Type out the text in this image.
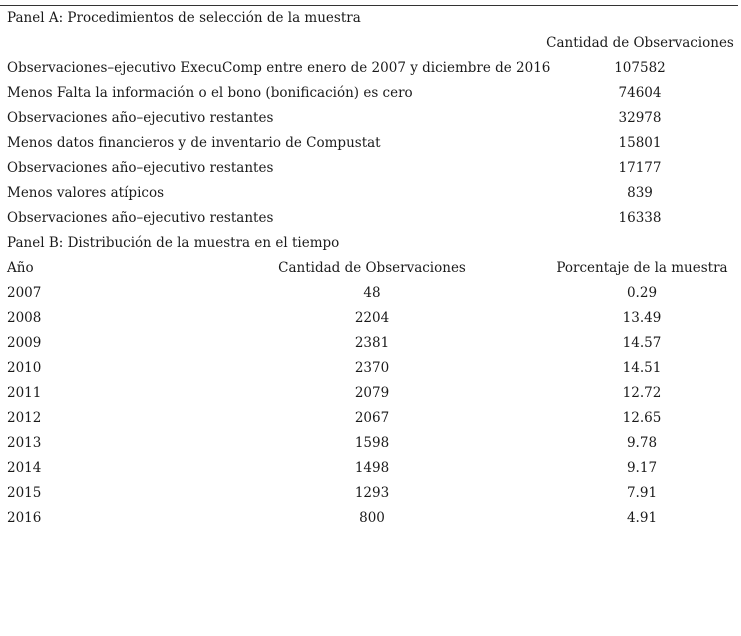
Panel A: Procedimientos de selección de la muestra
Cantidad de Observaciones
Observaciones–ejecutivo ExecuComp entre enero de 2007 y diciembre de 2016	107582
Menos Falta la información o el bono (bonificación) es cero	74604
Observaciones año–ejecutivo restantes	32978
Menos datos financieros y de inventario de Compustat	15801
Observaciones año–ejecutivo restantes	17177
Menos valores atípicos	839
Observaciones año–ejecutivo restantes	16338
Panel B: Distribución de la muestra en el tiempo
Año	Cantidad de Observaciones	Porcentaje de la muestra
2007	48	0.29
2008	2204	13.49
2009	2381	14.57
2010	2370	14.51
2011	2079	12.72
2012	2067	12.65
2013	1598	9.78
2014	1498	9.17
2015	1293	7.91
2016	800	4.91
